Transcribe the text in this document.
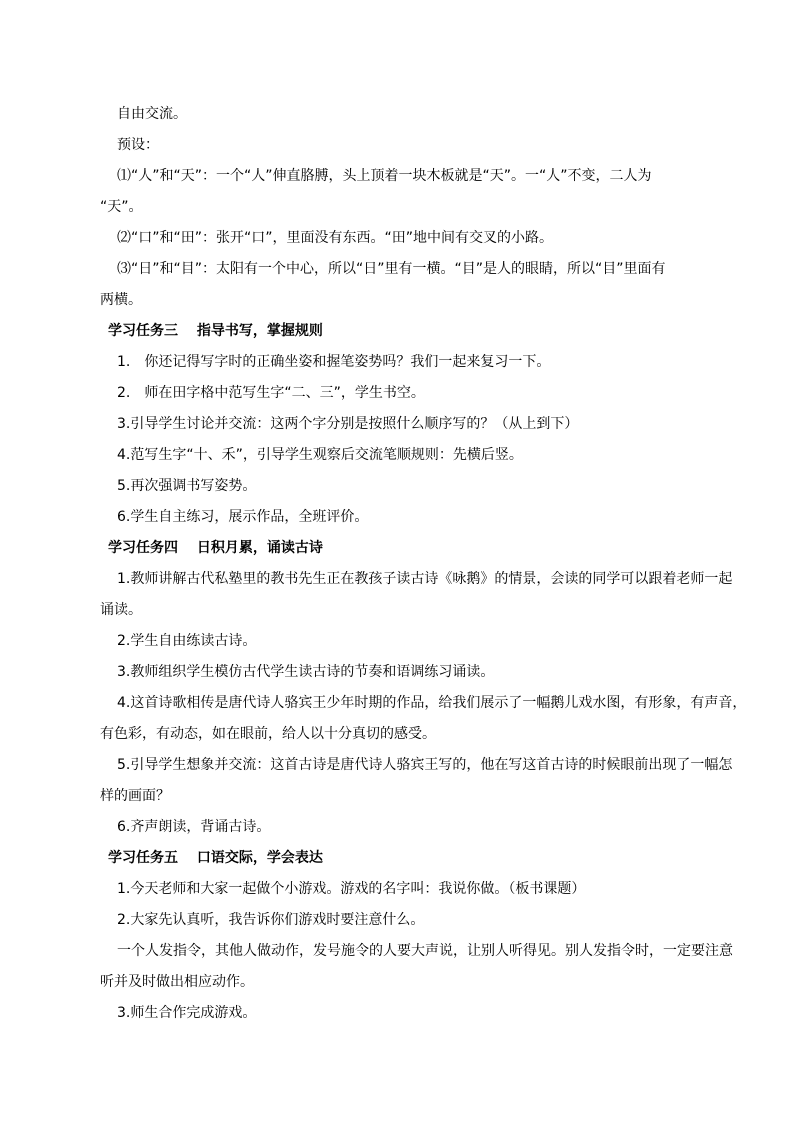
自由交流。
预设：
⑴“人”和“天”：一个“人”伸直胳膊，头上顶着一块木板就是“天”。一“人”不变，二人为
“天”。
⑵“口”和“田”：张开“口”，里面没有东西。“田”地中间有交叉的小路。
⑶“日”和“目”：太阳有一个中心，所以“日”里有一横。“目”是人的眼睛，所以“目”里面有
两横。
学习任务三　 指导书写，掌握规则
1.　你还记得写字时的正确坐姿和握笔姿势吗？我们一起来复习一下。
2.　师在田字格中范写生字“二、三”，学生书空。
3.引导学生讨论并交流：这两个字分别是按照什么顺序写的？（从上到下）
4.范写生字“十、禾”，引导学生观察后交流笔顺规则：先横后竖。
5.再次强调书写姿势。
6.学生自主练习，展示作品，全班评价。
学习任务四　 日积月累，诵读古诗
1.教师讲解古代私塾里的教书先生正在教孩子读古诗《咏鹅》的情景，会读的同学可以跟着老师一起
诵读。
2.学生自由练读古诗。
3.教师组织学生模仿古代学生读古诗的节奏和语调练习诵读。
4.这首诗歌相传是唐代诗人骆宾王少年时期的作品，给我们展示了一幅鹅儿戏水图，有形象，有声音，
有色彩，有动态，如在眼前，给人以十分真切的感受。
5.引导学生想象并交流：这首古诗是唐代诗人骆宾王写的，他在写这首古诗的时候眼前出现了一幅怎
样的画面？
6.齐声朗读，背诵古诗。
学习任务五　 口语交际，学会表达
1.今天老师和大家一起做个小游戏。游戏的名字叫：我说你做。（板书课题）
2.大家先认真听，我告诉你们游戏时要注意什么。
一个人发指令，其他人做动作，发号施令的人要大声说，让别人听得见。别人发指令时，一定要注意
听并及时做出相应动作。
3.师生合作完成游戏。
